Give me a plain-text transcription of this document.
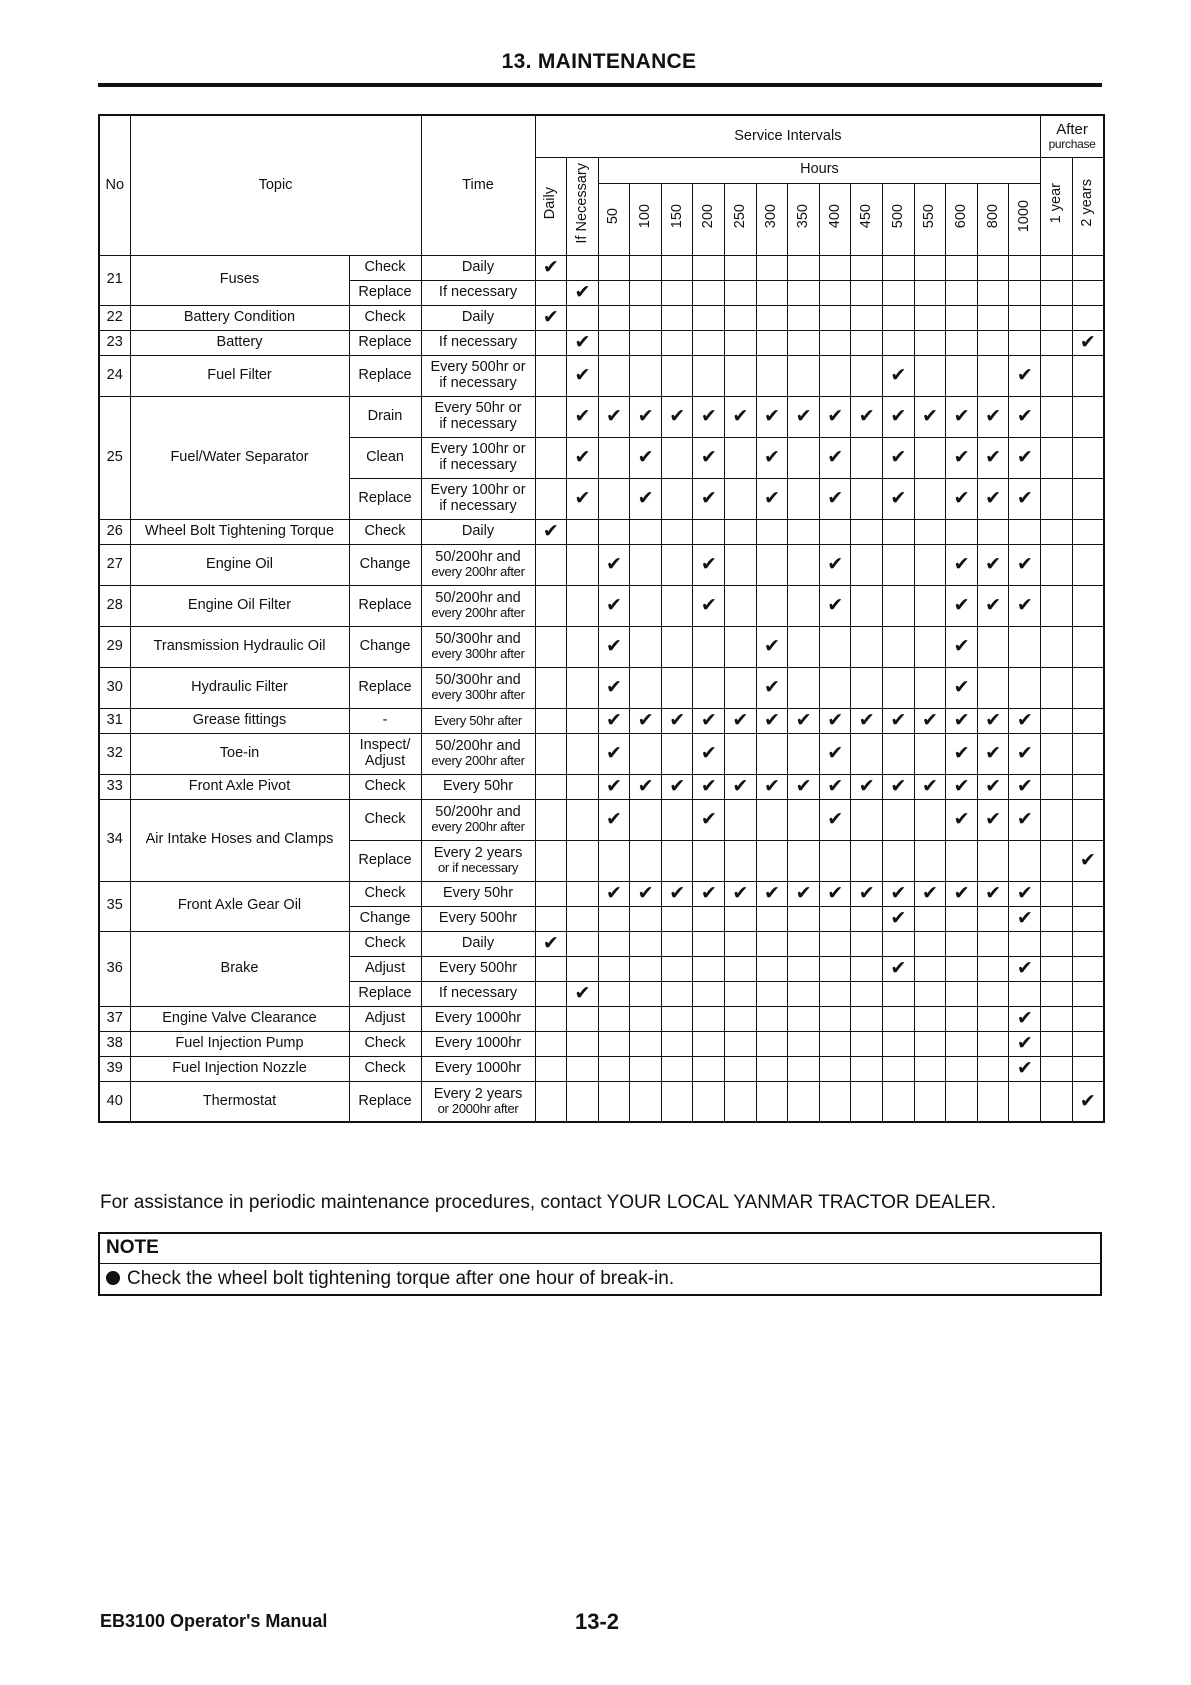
13. MAINTENANCE
No	Topic		Time	Service Intervals																After
purchase	

				Daily	If Necessary	Hours														1 year	2 years
						50	100	150	200	250	300	350	400	450	500	550	600	800	1000		
21	Fuses	Check	Daily	✔																	
		Replace	If necessary		✔																
22	Battery Condition	Check	Daily	✔																	
23	Battery	Replace	If necessary		✔																✔
24	Fuel Filter	Replace	Every 500hr or
if necessary		✔										✔				✔		
25	Fuel/Water Separator	Drain	Every 50hr or
if necessary		✔	✔	✔	✔	✔	✔	✔	✔	✔	✔	✔	✔	✔	✔	✔		
		Clean	Every 100hr or
if necessary		✔		✔		✔		✔		✔		✔		✔	✔	✔		
		Replace	Every 100hr or
if necessary		✔		✔		✔		✔		✔		✔		✔	✔	✔		
26	Wheel Bolt Tightening Torque	Check	Daily	✔																	
27	Engine Oil	Change	50/200hr and
every 200hr after			✔			✔				✔				✔	✔	✔		
28	Engine Oil Filter	Replace	50/200hr and
every 200hr after			✔			✔				✔				✔	✔	✔		
29	Transmission Hydraulic Oil	Change	50/300hr and
every 300hr after			✔					✔						✔				
30	Hydraulic Filter	Replace	50/300hr and
every 300hr after			✔					✔						✔				
31	Grease fittings	-	Every 50hr after			✔	✔	✔	✔	✔	✔	✔	✔	✔	✔	✔	✔	✔	✔		
32	Toe-in	Inspect/ Adjust	50/200hr and
every 200hr after			✔			✔				✔				✔	✔	✔		
33	Front Axle Pivot	Check	Every 50hr			✔	✔	✔	✔	✔	✔	✔	✔	✔	✔	✔	✔	✔	✔		
34	Air Intake Hoses and Clamps	Check	50/200hr and
every 200hr after			✔			✔				✔				✔	✔	✔		
		Replace	Every 2 years
or if necessary																		✔
35	Front Axle Gear Oil	Check	Every 50hr			✔	✔	✔	✔	✔	✔	✔	✔	✔	✔	✔	✔	✔	✔		
		Change	Every 500hr												✔				✔		
36	Brake	Check	Daily	✔																	
		Adjust	Every 500hr												✔				✔		
		Replace	If necessary		✔																
37	Engine Valve Clearance	Adjust	Every 1000hr																✔		
38	Fuel Injection Pump	Check	Every 1000hr																✔		
39	Fuel Injection Nozzle	Check	Every 1000hr																✔		
40	Thermostat	Replace	Every 2 years
or 2000hr after																		✔
For assistance in periodic maintenance procedures, contact YOUR LOCAL YANMAR TRACTOR DEALER.
NOTE
Check the wheel bolt tightening torque after one hour of break-in.
EB3100 Operator's Manual	13-2
